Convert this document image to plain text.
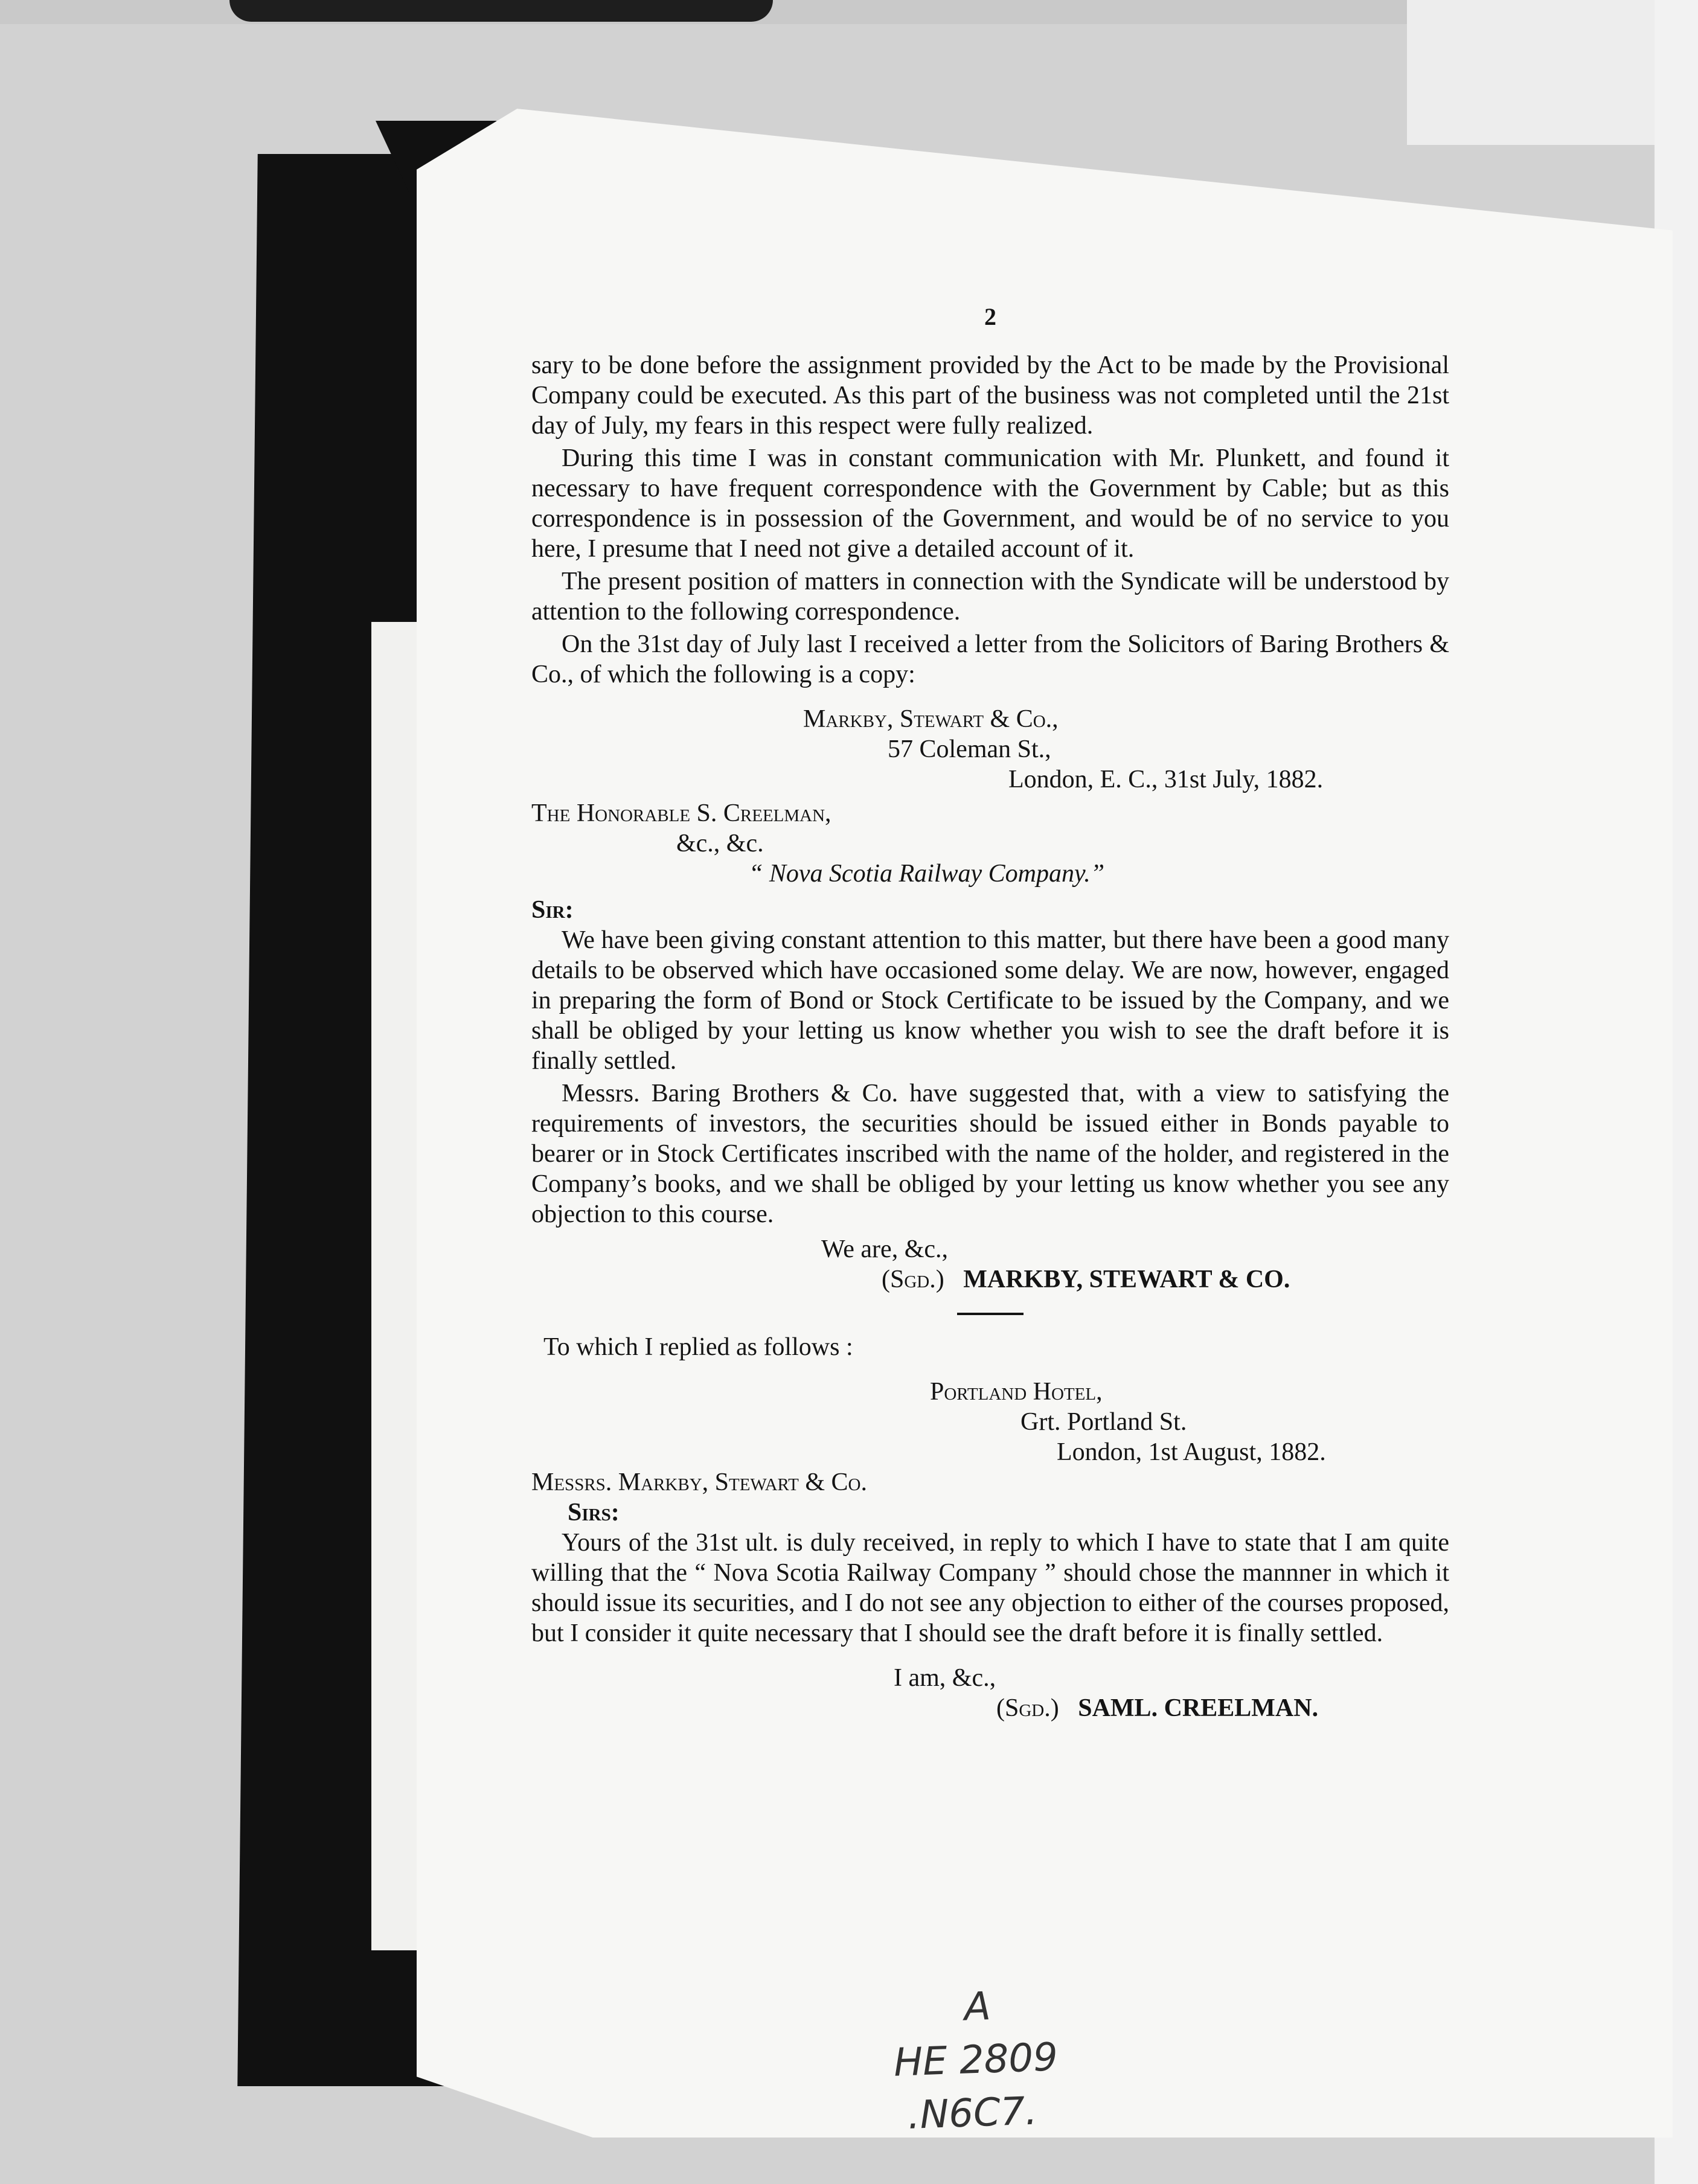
2

sary to be done before the assignment provided by the Act to be made by the Provisional Company could be executed. As this part of the business was not completed until the 21st day of July, my fears in this respect were fully realized.

During this time I was in constant communication with Mr. Plunkett, and found it necessary to have frequent correspondence with the Government by Cable; but as this correspondence is in possession of the Government, and would be of no service to you here, I presume that I need not give a detailed account of it.

The present position of matters in connection with the Syndicate will be understood by attention to the following correspondence.

On the 31st day of July last I received a letter from the Solicitors of Baring Brothers & Co., of which the following is a copy:

Markby, Stewart & Co.,
57 Coleman St.,
London, E. C., 31st July, 1882.
The Honorable S. Creelman,
&c., &c.
“ Nova Scotia Railway Company.”
Sir:

We have been giving constant attention to this matter, but there have been a good many details to be observed which have occasioned some delay. We are now, however, engaged in preparing the form of Bond or Stock Certificate to be issued by the Company, and we shall be obliged by your letting us know whether you wish to see the draft before it is finally settled.

Messrs. Baring Brothers & Co. have suggested that, with a view to satisfying the requirements of investors, the securities should be issued either in Bonds payable to bearer or in Stock Certificates inscribed with the name of the holder, and registered in the Company’s books, and we shall be obliged by your letting us know whether you see any objection to this course.

We are, &c.,
(Sgd.) MARKBY, STEWART & CO.
To which I replied as follows :
Portland Hotel,
Grt. Portland St.
London, 1st August, 1882.
Messrs. Markby, Stewart & Co.
Sirs:

Yours of the 31st ult. is duly received, in reply to which I have to state that I am quite willing that the “ Nova Scotia Railway Company ” should chose the mannner in which it should issue its securities, and I do not see any objection to either of the courses proposed, but I consider it quite necessary that I should see the draft before it is finally settled.

I am, &c.,
(Sgd.) SAML. CREELMAN.
A
HE 2809
.N6C7.
